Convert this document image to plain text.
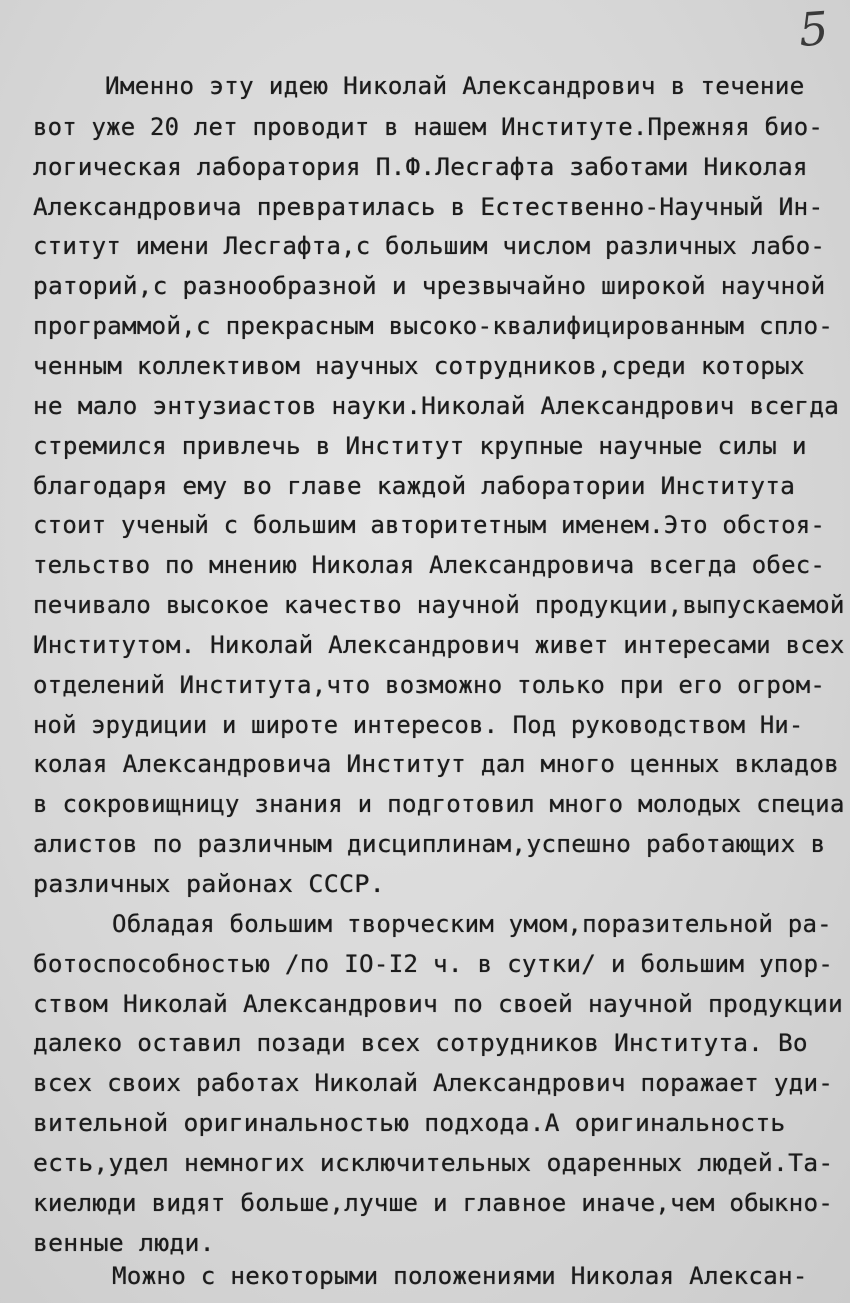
5
Именно эту идею Николай Александрович в течение
вот уже 20 лет проводит в нашем Институте.Прежняя био-
логическая лаборатория П.Ф.Лесгафта заботами Николая
Александровича превратилась в Естественно-Научный Ин-
ститут имени Лесгафта,с большим числом различных лабо-
раторий,с разнообразной и чрезвычайно широкой научной
программой,с прекрасным высоко-квалифицированным спло-
ченным коллективом научных сотрудников,среди которых
не мало энтузиастов науки.Николай Александрович всегда
стремился привлечь в Институт крупные научные силы и
благодаря ему во главе каждой лаборатории Института
стоит ученый с большим авторитетным именем.Это обстоя-
тельство по мнению Николая Александровича всегда обес-
печивало высокое качество научной продукции,выпускаемой
Институтом. Николай Александрович живет интересами всех
отделений Института,что возможно только при его огром-
ной эрудиции и широте интересов. Под руководством Ни-
колая Александровича Институт дал много ценных вкладов
в сокровищницу знания и подготовил много молодых специа
алистов по различным дисциплинам,успешно работающих в
различных районах СССР.
Обладая большим творческим умом,поразительной ра-
ботоспособностью /по IO-I2 ч. в сутки/ и большим упор-
ством Николай Александрович по своей научной продукции
далеко оставил позади всех сотрудников Института. Во
всех своих работах Николай Александрович поражает уди-
вительной оригинальностью подхода.А оригинальность
есть,удел немногих исключительных одаренных людей.Та-
киелюди видят больше,лучше и главное иначе,чем обыкно-
венные люди.
Можно с некоторыми положениями Николая Алексан-
